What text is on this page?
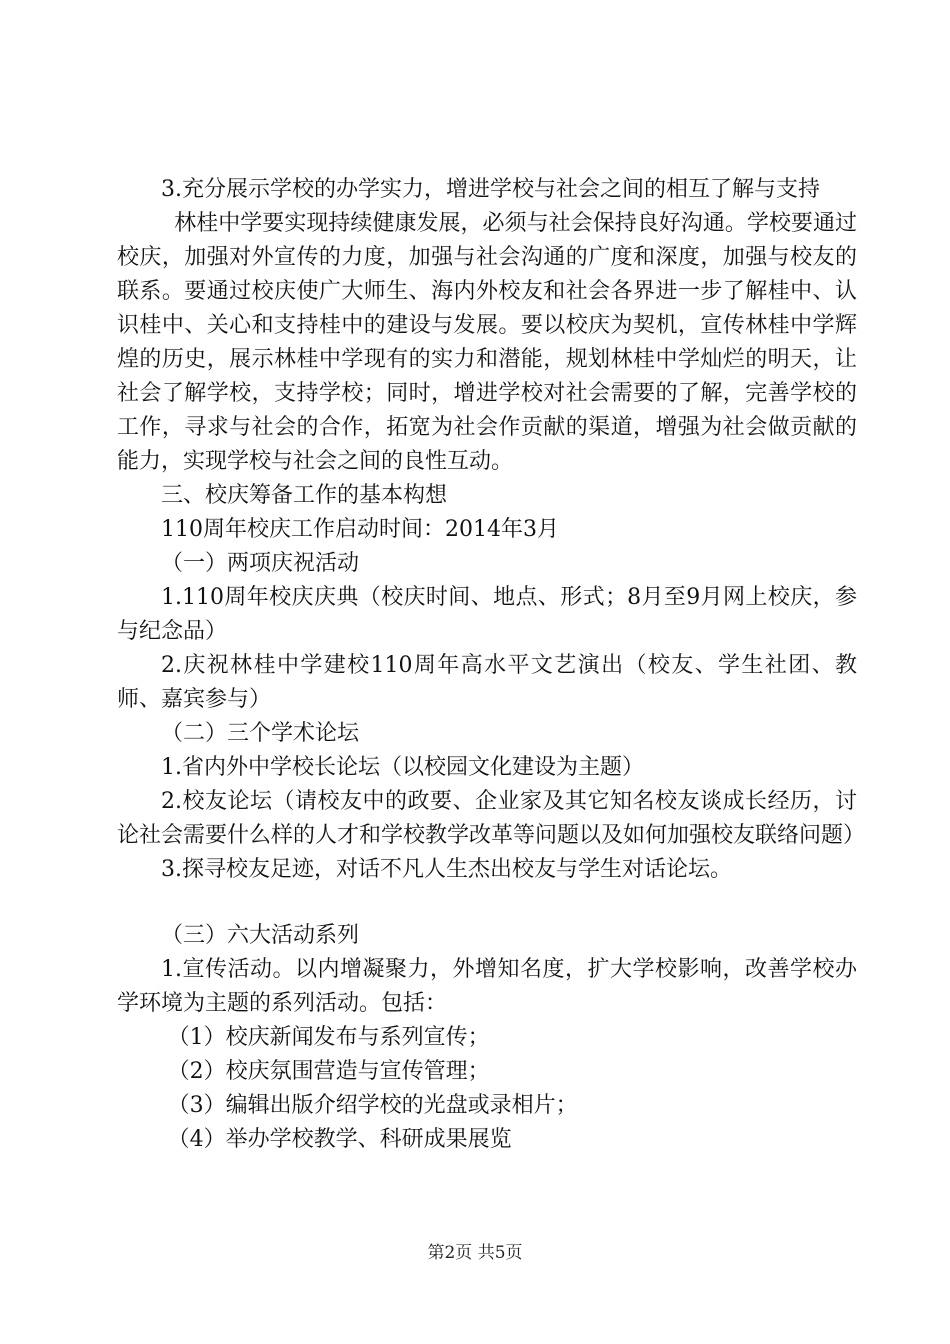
3.充分展示学校的办学实力，增进学校与社会之间的相互了解与支持

林桂中学要实现持续健康发展，必须与社会保持良好沟通。学校要通过校庆，加强对外宣传的力度，加强与社会沟通的广度和深度，加强与校友的联系。要通过校庆使广大师生、海内外校友和社会各界进一步了解桂中、认识桂中、关心和支持桂中的建设与发展。要以校庆为契机，宣传林桂中学辉煌的历史，展示林桂中学现有的实力和潜能，规划林桂中学灿烂的明天，让社会了解学校，支持学校；同时，增进学校对社会需要的了解，完善学校的工作，寻求与社会的合作，拓宽为社会作贡献的渠道，增强为社会做贡献的能力，实现学校与社会之间的良性互动。

三、校庆筹备工作的基本构想

110周年校庆工作启动时间：2014年3月

（一）两项庆祝活动

1.110周年校庆庆典（校庆时间、地点、形式；8月至9月网上校庆，参与纪念品）

2.庆祝林桂中学建校110周年高水平文艺演出（校友、学生社团、教师、嘉宾参与）

（二）三个学术论坛

1.省内外中学校长论坛（以校园文化建设为主题）

2.校友论坛（请校友中的政要、企业家及其它知名校友谈成长经历，讨论社会需要什么样的人才和学校教学改革等问题以及如何加强校友联络问题）

3.探寻校友足迹，对话不凡人生杰出校友与学生对话论坛。

（三）六大活动系列

1.宣传活动。以内增凝聚力，外增知名度，扩大学校影响，改善学校办学环境为主题的系列活动。包括：

（1）校庆新闻发布与系列宣传；

（2）校庆氛围营造与宣传管理；

（3）编辑出版介绍学校的光盘或录相片；

（4）举办学校教学、科研成果展览

第2页 共5页
